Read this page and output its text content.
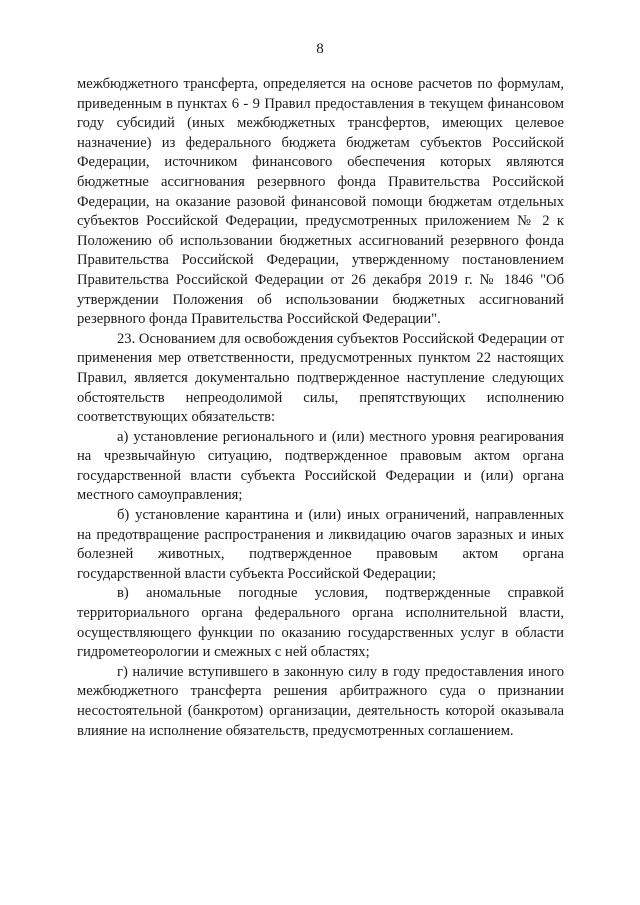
8

межбюджетного трансферта, определяется на основе расчетов по формулам, приведенным в пунктах 6 - 9 Правил предоставления в текущем финансовом году субсидий (иных межбюджетных трансфертов, имеющих целевое назначение) из федерального бюджета бюджетам субъектов Российской Федерации, источником финансового обеспечения которых являются бюджетные ассигнования резервного фонда Правительства Российской Федерации, на оказание разовой финансовой помощи бюджетам отдельных субъектов Российской Федерации, предусмотренных приложением № 2 к Положению об использовании бюджетных ассигнований резервного фонда Правительства Российской Федерации, утвержденному постановлением Правительства Российской Федерации от 26 декабря 2019 г. № 1846 "Об утверждении Положения об использовании бюджетных ассигнований резервного фонда Правительства Российской Федерации".

23. Основанием для освобождения субъектов Российской Федерации от применения мер ответственности, предусмотренных пунктом 22 настоящих Правил, является документально подтвержденное наступление следующих обстоятельств непреодолимой силы, препятствующих исполнению соответствующих обязательств:

а) установление регионального и (или) местного уровня реагирования на чрезвычайную ситуацию, подтвержденное правовым актом органа государственной власти субъекта Российской Федерации и (или) органа местного самоуправления;

б) установление карантина и (или) иных ограничений, направленных на предотвращение распространения и ликвидацию очагов заразных и иных болезней животных, подтвержденное правовым актом органа государственной власти субъекта Российской Федерации;

в) аномальные погодные условия, подтвержденные справкой территориального органа федерального органа исполнительной власти, осуществляющего функции по оказанию государственных услуг в области гидрометеорологии и смежных с ней областях;

г) наличие вступившего в законную силу в году предоставления иного межбюджетного трансферта решения арбитражного суда о признании несостоятельной (банкротом) организации, деятельность которой оказывала влияние на исполнение обязательств, предусмотренных соглашением.
